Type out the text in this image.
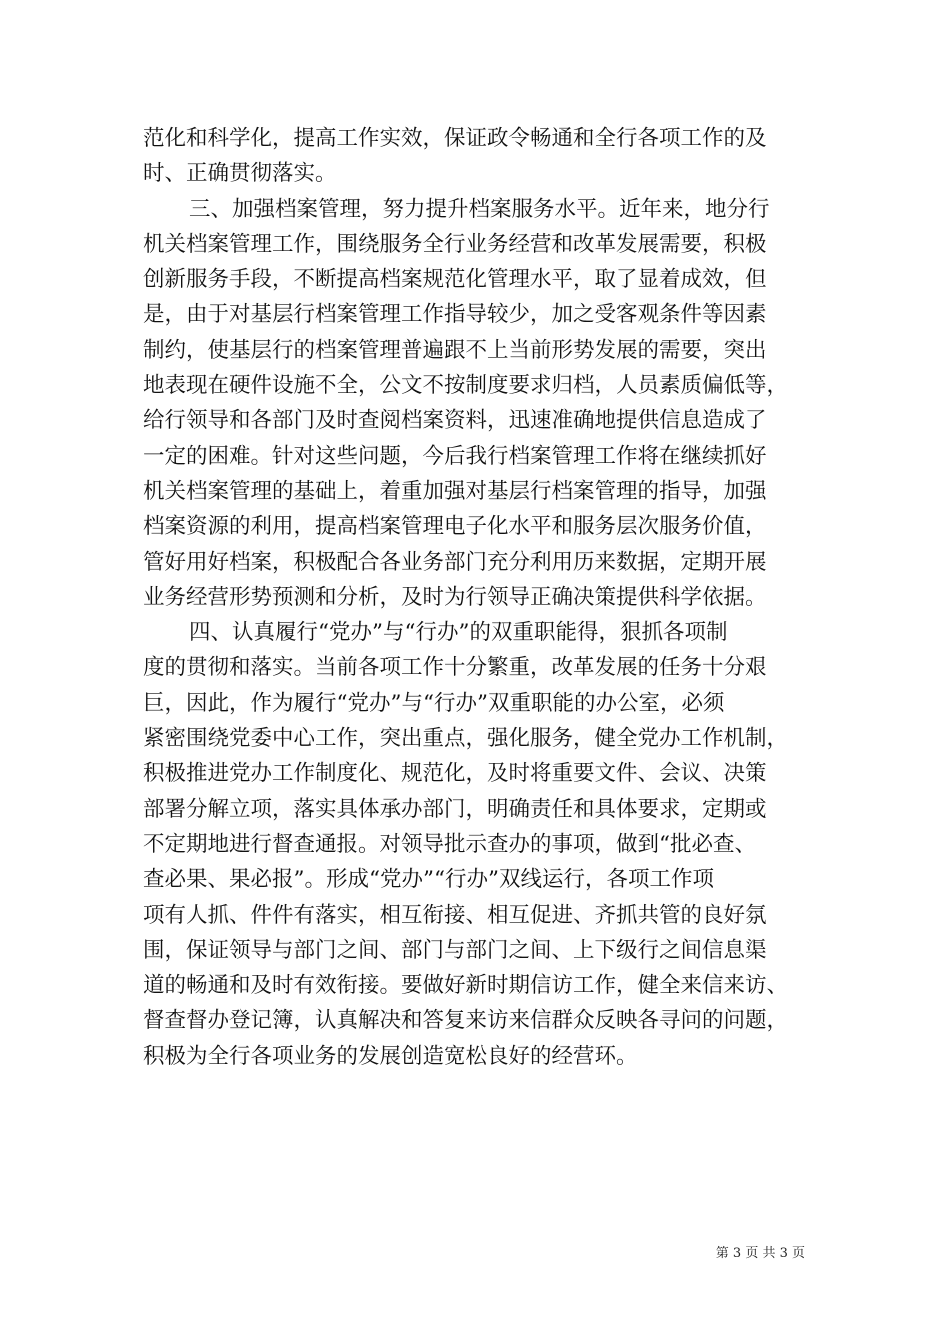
范化和科学化，提高工作实效，保证政令畅通和全行各项工作的及
时、正确贯彻落实。
三、加强档案管理，努力提升档案服务水平。近年来，地分行
机关档案管理工作，围绕服务全行业务经营和改革发展需要，积极
创新服务手段，不断提高档案规范化管理水平，取了显着成效，但
是，由于对基层行档案管理工作指导较少，加之受客观条件等因素
制约，使基层行的档案管理普遍跟不上当前形势发展的需要，突出
地表现在硬件设施不全，公文不按制度要求归档，人员素质偏低等，
给行领导和各部门及时查阅档案资料，迅速准确地提供信息造成了
一定的困难。针对这些问题，今后我行档案管理工作将在继续抓好
机关档案管理的基础上，着重加强对基层行档案管理的指导，加强
档案资源的利用，提高档案管理电子化水平和服务层次服务价值，
管好用好档案，积极配合各业务部门充分利用历来数据，定期开展
业务经营形势预测和分析，及时为行领导正确决策提供科学依据。
四、认真履行“党办”与“行办”的双重职能得，狠抓各项制
度的贯彻和落实。当前各项工作十分繁重，改革发展的任务十分艰
巨，因此，作为履行“党办”与“行办”双重职能的办公室，必须
紧密围绕党委中心工作，突出重点，强化服务，健全党办工作机制，
积极推进党办工作制度化、规范化，及时将重要文件、会议、决策
部署分解立项，落实具体承办部门，明确责任和具体要求，定期或
不定期地进行督查通报。对领导批示查办的事项，做到“批必查、
查必果、果必报”。形成“党办”“行办”双线运行，各项工作项
项有人抓、件件有落实，相互衔接、相互促进、齐抓共管的良好氛
围，保证领导与部门之间、部门与部门之间、上下级行之间信息渠
道的畅通和及时有效衔接。要做好新时期信访工作，健全来信来访、
督查督办登记簿，认真解决和答复来访来信群众反映各寻问的问题，
积极为全行各项业务的发展创造宽松良好的经营环。
第 3 页 共 3 页
